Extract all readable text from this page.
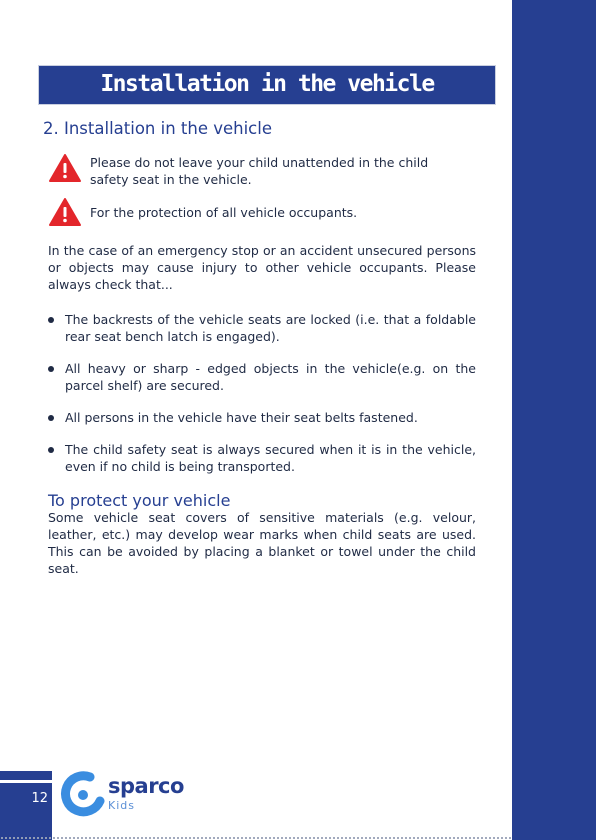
Installation in the vehicle
2. Installation in the vehicle
Please do not leave your child unattended in the child safety seat in the vehicle.
For the protection of all vehicle occupants.
In the case of an emergency stop or an accident unsecured persons or objects may cause injury to other vehicle occupants. Please always check that...
The backrests of the vehicle seats are locked (i.e. that a foldable rear seat bench latch is engaged).
All heavy or sharp - edged objects in the vehicle(e.g. on the parcel shelf) are secured.
All persons in the vehicle have their seat belts fastened.
The child safety seat is always secured when it is in the vehicle, even if no child is being transported.
To protect your vehicle
Some vehicle seat covers of sensitive materials (e.g. velour, leather, etc.) may develop wear marks when child seats are used. This can be avoided by placing a blanket or towel under the child seat.
12
sparco
Kids
